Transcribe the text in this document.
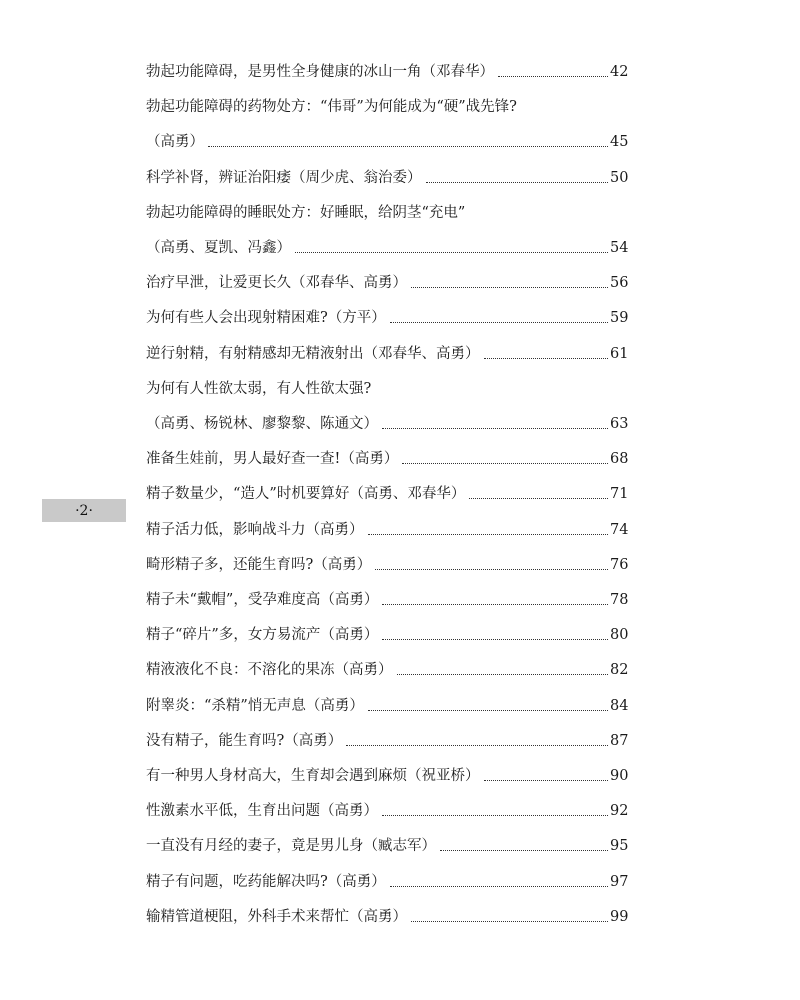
勃起功能障碍，是男性全身健康的冰山一角（邓春华）	42
勃起功能障碍的药物处方：“伟哥”为何能成为“硬”战先锋?
（高勇）	45
科学补肾，辨证治阳痿（周少虎、翁治委）	50
勃起功能障碍的睡眠处方：好睡眠，给阴茎“充电”
（高勇、夏凯、冯鑫）	54
治疗早泄，让爱更长久（邓春华、高勇）	56
为何有些人会出现射精困难?（方平）	59
逆行射精，有射精感却无精液射出（邓春华、高勇）	61
为何有人性欲太弱，有人性欲太强?
（高勇、杨锐林、廖黎黎、陈通文）	63
准备生娃前，男人最好查一查!（高勇）	68
精子数量少，“造人”时机要算好（高勇、邓春华）	71
精子活力低，影响战斗力（高勇）	74
畸形精子多，还能生育吗?（高勇）	76
精子未“戴帽”，受孕难度高（高勇）	78
精子“碎片”多，女方易流产（高勇）	80
精液液化不良：不溶化的果冻（高勇）	82
附睾炎：“杀精”悄无声息（高勇）	84
没有精子，能生育吗?（高勇）	87
有一种男人身材高大，生育却会遇到麻烦（祝亚桥）	90
性激素水平低，生育出问题（高勇）	92
一直没有月经的妻子，竟是男儿身（臧志军）	95
精子有问题，吃药能解决吗?（高勇）	97
输精管道梗阻，外科手术来帮忙（高勇）	99
·2·
